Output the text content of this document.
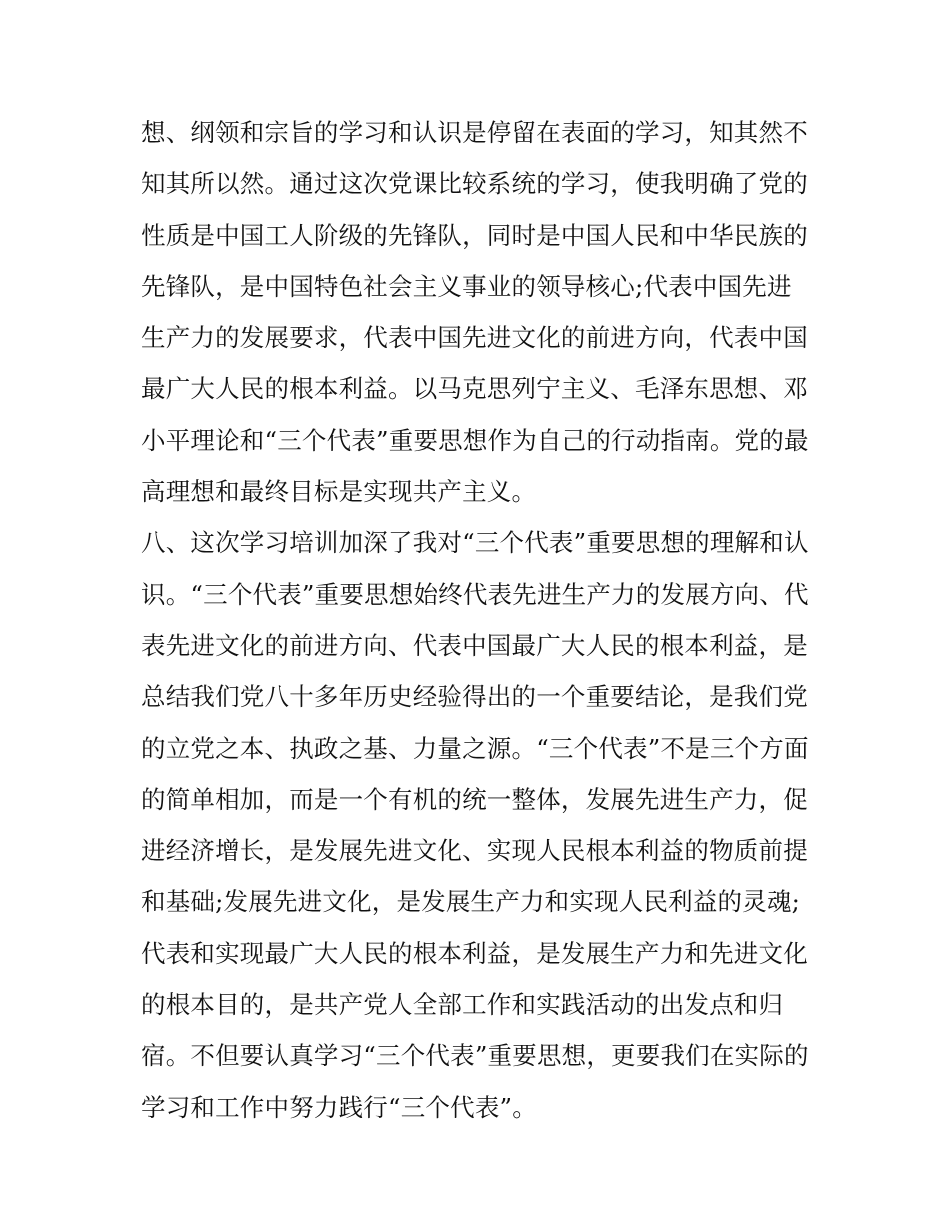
想、纲领和宗旨的学习和认识是停留在表面的学习，知其然不
知其所以然。通过这次党课比较系统的学习，使我明确了党的
性质是中国工人阶级的先锋队，同时是中国人民和中华民族的
先锋队，是中国特色社会主义事业的领导核心;代表中国先进
生产力的发展要求，代表中国先进文化的前进方向，代表中国
最广大人民的根本利益。以马克思列宁主义、毛泽东思想、邓
小平理论和“三个代表”重要思想作为自己的行动指南。党的最
高理想和最终目标是实现共产主义。
八、这次学习培训加深了我对“三个代表”重要思想的理解和认
识。“三个代表”重要思想始终代表先进生产力的发展方向、代
表先进文化的前进方向、代表中国最广大人民的根本利益，是
总结我们党八十多年历史经验得出的一个重要结论，是我们党
的立党之本、执政之基、力量之源。“三个代表”不是三个方面
的简单相加，而是一个有机的统一整体，发展先进生产力，促
进经济增长，是发展先进文化、实现人民根本利益的物质前提
和基础;发展先进文化，是发展生产力和实现人民利益的灵魂;
代表和实现最广大人民的根本利益，是发展生产力和先进文化
的根本目的，是共产党人全部工作和实践活动的出发点和归
宿。不但要认真学习“三个代表”重要思想，更要我们在实际的
学习和工作中努力践行“三个代表”。
